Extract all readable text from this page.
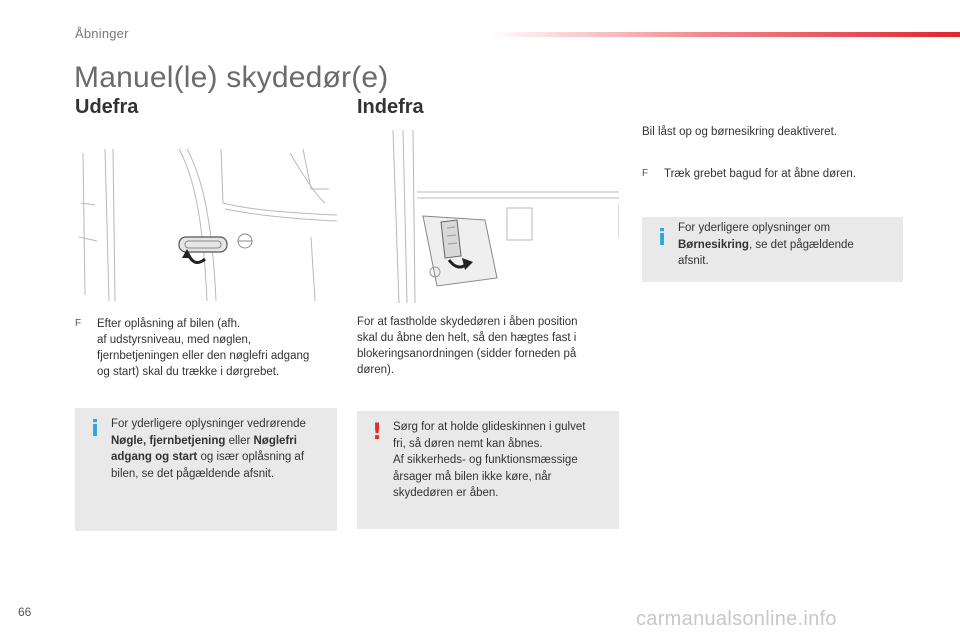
Åbninger
Manuel(le) skydedør(e)
Udefra	Indefra
F	Efter oplåsning af bilen (afh.
af udstyrsniveau, med nøglen,
fjernbetjeningen eller den nøglefri adgang
og start) skal du trække i dørgrebet.
i	For yderligere oplysninger vedrørende
Nøgle, fjernbetjening eller Nøglefri
adgang og start og især oplåsning af
bilen, se det pågældende afsnit.
For at fastholde skydedøren i åben position
skal du åbne den helt, så den hægtes fast i
blokeringsanordningen (sidder forneden på
døren).
! Sørg for at holde glideskinnen i gulvet
fri, så døren nemt kan åbnes.
Af sikkerheds- og funktionsmæssige
årsager må bilen ikke køre, når
skydedøren er åben.
Bil låst op og børnesikring deaktiveret.
F	Træk grebet bagud for at åbne døren.
i	For yderligere oplysninger om
Børnesikring, se det pågældende
afsnit.
66	carmanualsonline.info
